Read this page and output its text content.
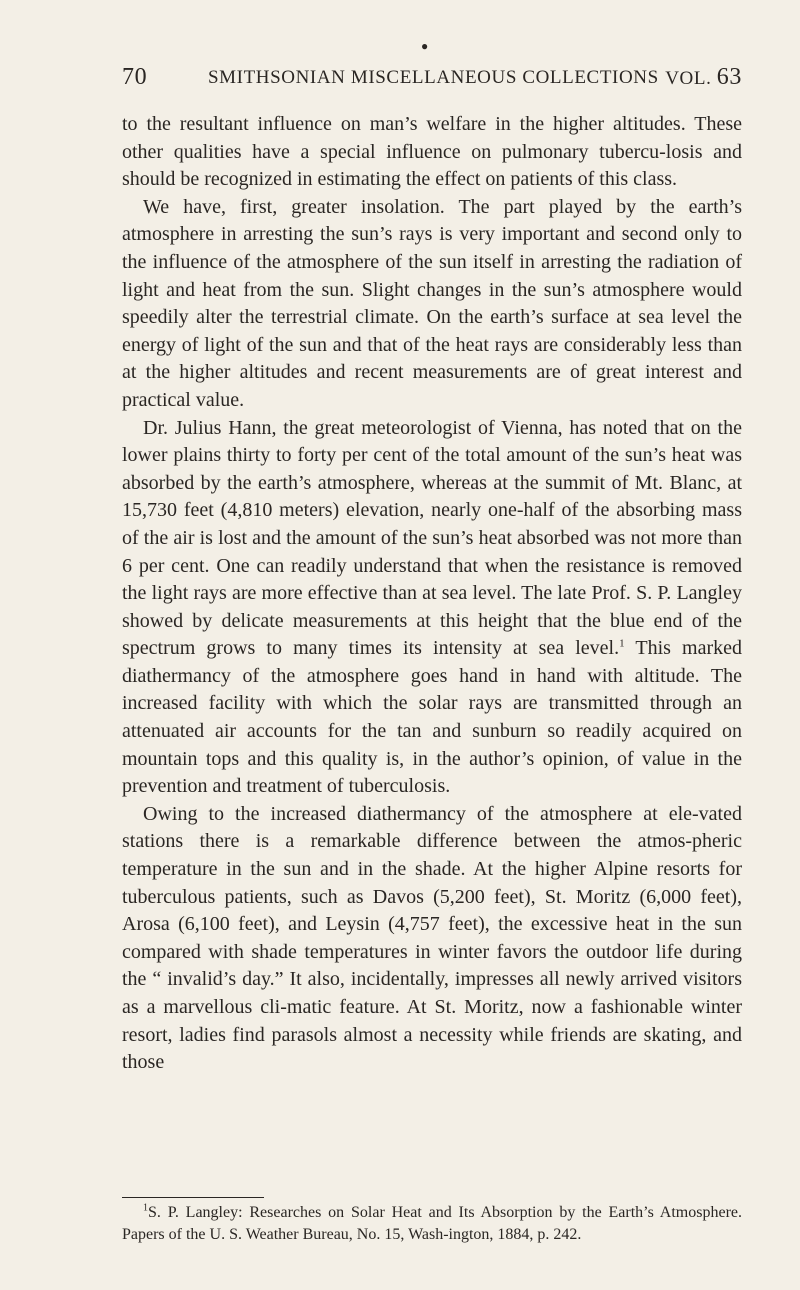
●
70	SMITHSONIAN MISCELLANEOUS COLLECTIONS VOL. 63

to the resultant influence on man’s welfare in the higher altitudes. These other qualities have a special influence on pulmonary tubercu-losis and should be recognized in estimating the effect on patients of this class.

We have, first, greater insolation. The part played by the earth’s atmosphere in arresting the sun’s rays is very important and second only to the influence of the atmosphere of the sun itself in arresting the radiation of light and heat from the sun. Slight changes in the sun’s atmosphere would speedily alter the terrestrial climate. On the earth’s surface at sea level the energy of light of the sun and that of the heat rays are considerably less than at the higher altitudes and recent measurements are of great interest and practical value.

Dr. Julius Hann, the great meteorologist of Vienna, has noted that on the lower plains thirty to forty per cent of the total amount of the sun’s heat was absorbed by the earth’s atmosphere, whereas at the summit of Mt. Blanc, at 15,730 feet (4,810 meters) elevation, nearly one-half of the absorbing mass of the air is lost and the amount of the sun’s heat absorbed was not more than 6 per cent. One can readily understand that when the resistance is removed the light rays are more effective than at sea level. The late Prof. S. P. Langley showed by delicate measurements at this height that the blue end of the spectrum grows to many times its intensity at sea level.$^1$ This marked diathermancy of the atmosphere goes hand in hand with altitude. The increased facility with which the solar rays are transmitted through an attenuated air accounts for the tan and sunburn so readily acquired on mountain tops and this quality is, in the author’s opinion, of value in the prevention and treatment of tuberculosis.

Owing to the increased diathermancy of the atmosphere at ele-vated stations there is a remarkable difference between the atmos-pheric temperature in the sun and in the shade. At the higher Alpine resorts for tuberculous patients, such as Davos (5,200 feet), St. Moritz (6,000 feet), Arosa (6,100 feet), and Leysin (4,757 feet), the excessive heat in the sun compared with shade temperatures in winter favors the outdoor life during the “ invalid’s day.” It also, incidentally, impresses all newly arrived visitors as a marvellous cli-matic feature. At St. Moritz, now a fashionable winter resort, ladies find parasols almost a necessity while friends are skating, and those

$^1$S. P. Langley: Researches on Solar Heat and Its Absorption by the Earth’s Atmosphere. Papers of the U. S. Weather Bureau, No. 15, Wash-ington, 1884, p. 242.
